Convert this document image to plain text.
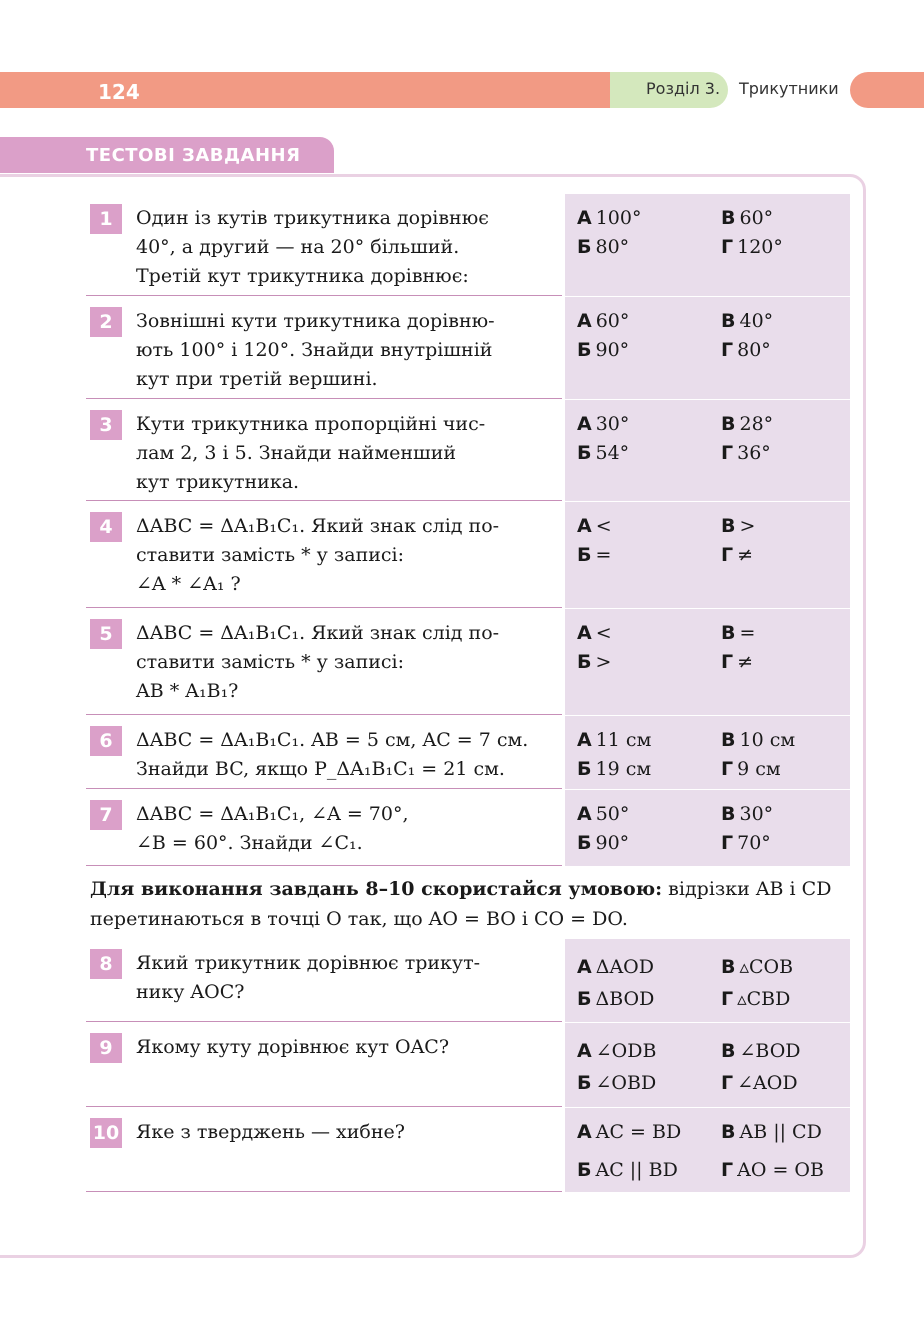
124	Розділ 3. Трикутники
ТЕСТОВІ ЗАВДАННЯ
1	Один із кутів трикутника дорівнює
40°, а другий — на 20° більший.
Третій кут трикутника дорівнює:
А 100°	В 60°
Б 80°	Г 120°
2	Зовнішні кути трикутника дорівню-
ють 100° і 120°. Знайди внутрішній
кут при третій вершині.
А 60°	В 40°
Б 90°	Г 80°
3	Кути трикутника пропорційні чис-
лам 2, 3 і 5. Знайди найменший
кут трикутника.
А 30°	В 28°
Б 54°	Г 36°
4	ΔABC = ΔA₁B₁C₁. Який знак слід по-
ставити замість * у записі:
∠A * ∠A₁ ?
А <	В >
Б =	Г ≠
5	ΔABC = ΔA₁B₁C₁. Який знак слід по-
ставити замість * у записі:
AB * A₁B₁?
А <	В =
Б >	Г ≠
6	ΔABC = ΔA₁B₁C₁. AB = 5 см, AC = 7 см.
Знайди BC, якщо P_ΔA₁B₁C₁ = 21 см.
А 11 см	В 10 см
Б 19 см	Г 9 см
7	ΔABC = ΔA₁B₁C₁, ∠A = 70°,
∠B = 60°. Знайди ∠C₁.
А 50°	В 30°
Б 90°	Г 70°
8	Який трикутник дорівнює трикут-
нику AOC?
А ΔAOD	В ▵COB
Б ΔBOD	Г ▵CBD
9	Якому куту дорівнює кут OAC?	А ∠ODB	В ∠BOD
Б ∠OBD	Г ∠AOD
10 Яке з тверджень — хибне?	А AC = BD В AB || CD
Б AC || BD Г AO = OB
Для виконання завдань 8–10 скористайся умовою: відрізки AB і CD перетинаються в точці O так, що AO = BO і CO = DO.
